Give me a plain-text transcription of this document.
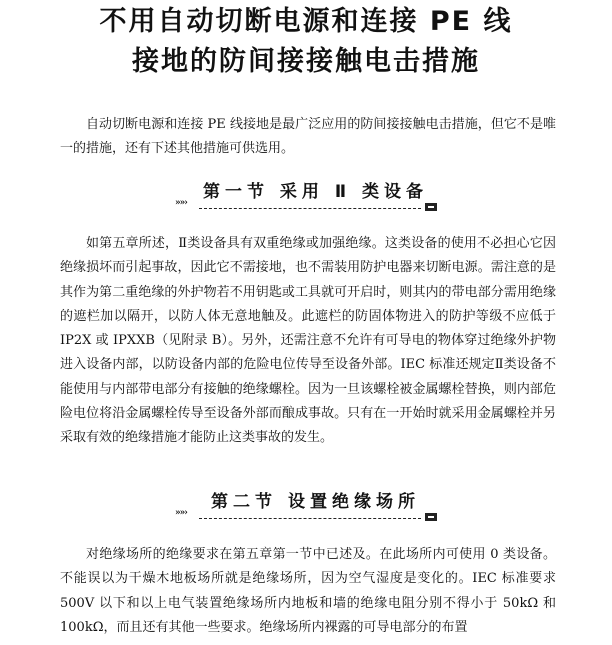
不用自动切断电源和连接 PE 线
接地的防间接接触电击措施

自动切断电源和连接 PE 线接地是最广泛应用的防间接接触电击措施，但它不是唯一的措施，还有下述其他措施可供选用。

第一节 采用 Ⅱ 类设备
»»›

如第五章所述，Ⅱ类设备具有双重绝缘或加强绝缘。这类设备的使用不必担心它因绝缘损坏而引起事故，因此它不需接地，也不需装用防护电器来切断电源。需注意的是其作为第二重绝缘的外护物若不用钥匙或工具就可开启时，则其内的带电部分需用绝缘的遮栏加以隔开，以防人体无意地触及。此遮栏的防固体物进入的防护等级不应低于 IP2X 或 IPXXB（见附录 B）。另外，还需注意不允许有可导电的物体穿过绝缘外护物进入设备内部，以防设备内部的危险电位传导至设备外部。IEC 标准还规定Ⅱ类设备不能使用与内部带电部分有接触的绝缘螺栓。因为一旦该螺栓被金属螺栓替换，则内部危险电位将沿金属螺栓传导至设备外部而酿成事故。只有在一开始时就采用金属螺栓并另采取有效的绝缘措施才能防止这类事故的发生。

第二节 设置绝缘场所
»»›

对绝缘场所的绝缘要求在第五章第一节中已述及。在此场所内可使用 0 类设备。不能误以为干燥木地板场所就是绝缘场所，因为空气湿度是变化的。IEC 标准要求 500V 以下和以上电气装置绝缘场所内地板和墙的绝缘电阻分别不得小于 50kΩ 和 100kΩ，而且还有其他一些要求。绝缘场所内裸露的可导电部分的布置
